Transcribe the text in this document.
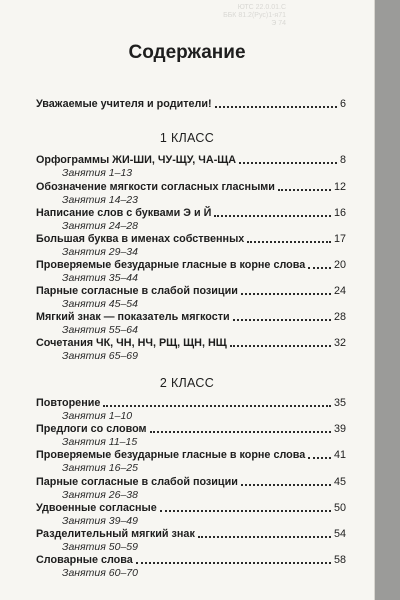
ЮТС 22.0.01.С
ББК 81.2(Рус)1-я71
Э 74
Содержание
Уважаемые учителя и родители!	6
1 КЛАСС
Орфограммы ЖИ-ШИ, ЧУ-ЩУ, ЧА-ЩА	8
Занятия 1–13
Обозначение мягкости согласных гласными	12
Занятия 14–23
Написание слов с буквами Э и Й	16
Занятия 24–28
Большая буква в именах собственных	17
Занятия 29–34
Проверяемые безударные гласные в корне слова	20
Занятия 35–44
Парные согласные в слабой позиции	24
Занятия 45–54
Мягкий знак — показатель мягкости	28
Занятия 55–64
Сочетания ЧК, ЧН, НЧ, РЩ, ЩН, НЩ	32
Занятия 65–69
2 КЛАСС
Повторение	35
Занятия 1–10
Предлоги со словом	39
Занятия 11–15
Проверяемые безударные гласные в корне слова	41
Занятия 16–25
Парные согласные в слабой позиции	45
Занятия 26–38
Удвоенные согласные	50
Занятия 39–49
Разделительный мягкий знак	54
Занятия 50–59
Словарные слова	58
Занятия 60–70
